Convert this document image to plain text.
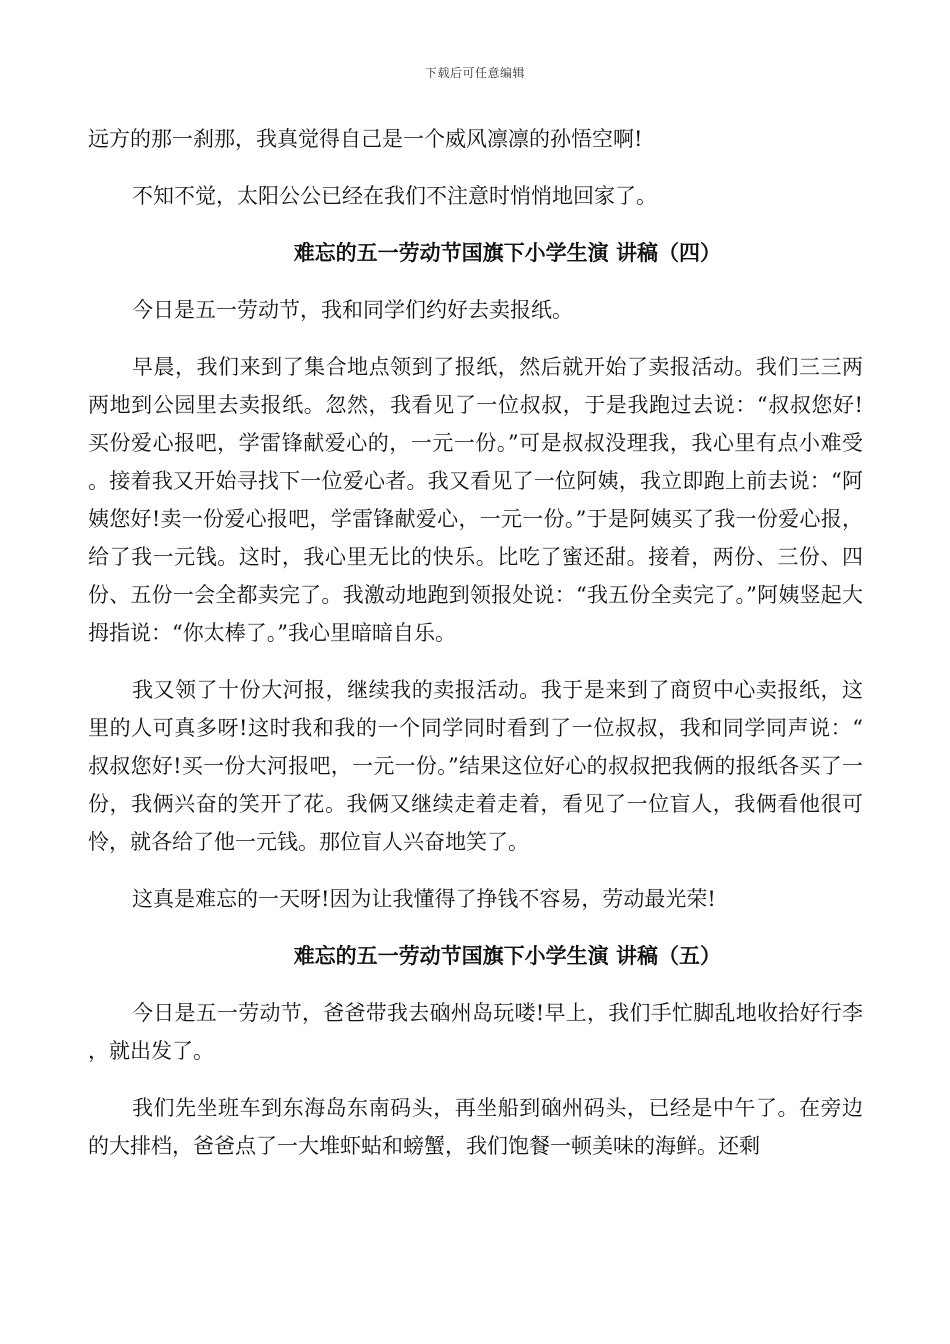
下载后可任意编辑

远方的那一刹那，我真觉得自己是一个威风凛凛的孙悟空啊!

不知不觉，太阳公公已经在我们不注意时悄悄地回家了。

难忘的五一劳动节国旗下小学生演 讲稿（四）

今日是五一劳动节，我和同学们约好去卖报纸。

早晨，我们来到了集合地点领到了报纸，然后就开始了卖报活动。我们三三两两地到公园里去卖报纸。忽然，我看见了一位叔叔，于是我跑过去说：“叔叔您好!买份爱心报吧，学雷锋献爱心的，一元一份。”可是叔叔没理我，我心里有点小难受。接着我又开始寻找下一位爱心者。我又看见了一位阿姨，我立即跑上前去说：“阿姨您好!卖一份爱心报吧，学雷锋献爱心，一元一份。”于是阿姨买了我一份爱心报，给了我一元钱。这时，我心里无比的快乐。比吃了蜜还甜。接着，两份、三份、四份、五份一会全都卖完了。我激动地跑到领报处说：“我五份全卖完了。”阿姨竖起大拇指说：“你太棒了。”我心里暗暗自乐。

我又领了十份大河报，继续我的卖报活动。我于是来到了商贸中心卖报纸，这里的人可真多呀!这时我和我的一个同学同时看到了一位叔叔，我和同学同声说：“叔叔您好!买一份大河报吧，一元一份。”结果这位好心的叔叔把我俩的报纸各买了一份，我俩兴奋的笑开了花。我俩又继续走着走着，看见了一位盲人，我俩看他很可怜，就各给了他一元钱。那位盲人兴奋地笑了。

这真是难忘的一天呀!因为让我懂得了挣钱不容易，劳动最光荣!

难忘的五一劳动节国旗下小学生演 讲稿（五）

今日是五一劳动节，爸爸带我去硇州岛玩喽!早上，我们手忙脚乱地收拾好行李，就出发了。

我们先坐班车到东海岛东南码头，再坐船到硇州码头，已经是中午了。在旁边的大排档，爸爸点了一大堆虾蛄和螃蟹，我们饱餐一顿美味的海鲜。还剩
